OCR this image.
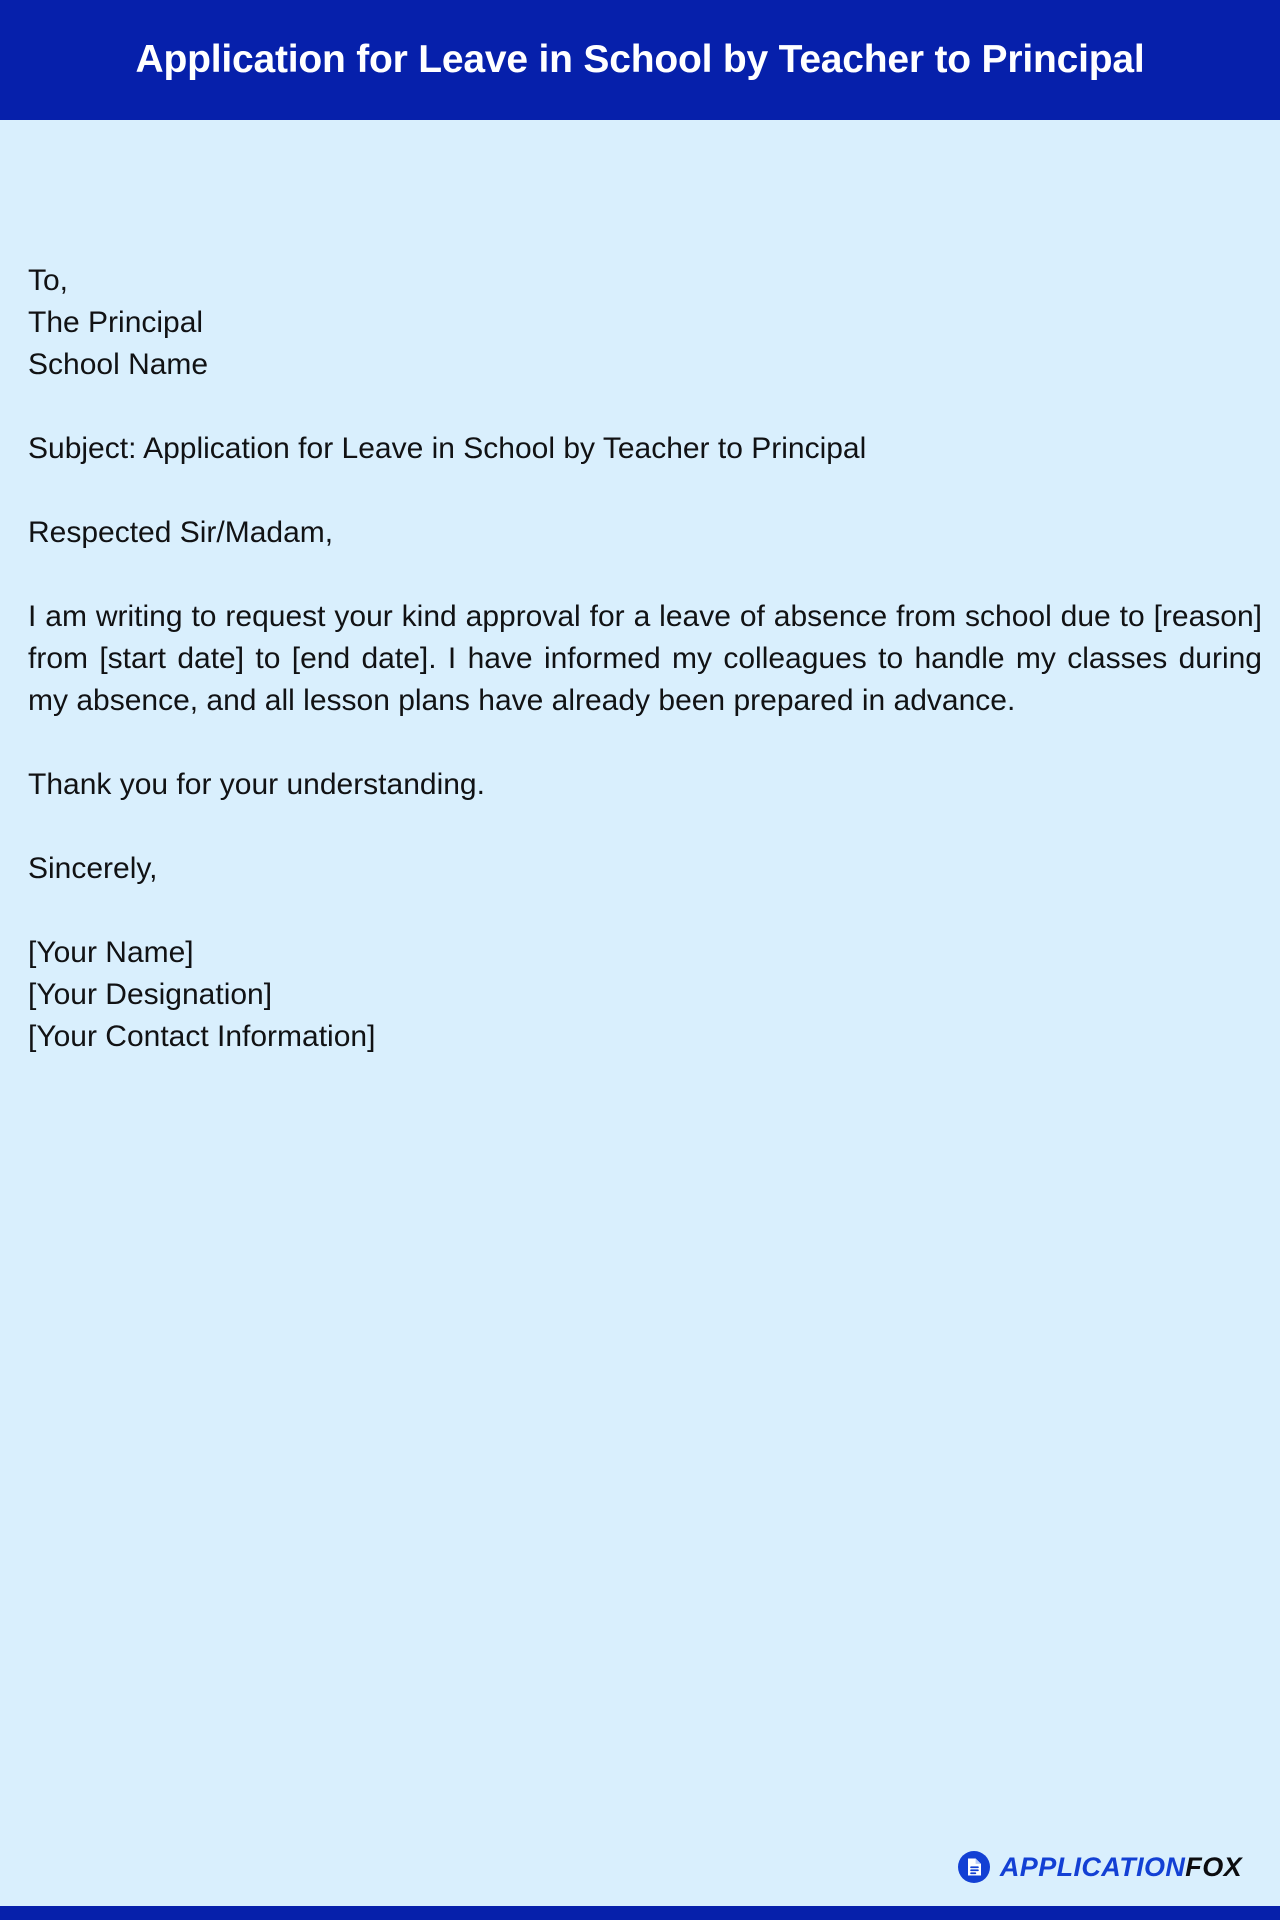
Application for Leave in School by Teacher to Principal
To,
The Principal
School Name
Subject: Application for Leave in School by Teacher to Principal
Respected Sir/Madam,

I am writing to request your kind approval for a leave of absence from school due to [reason] from [start date] to [end date]. I have informed my colleagues to handle my classes during my absence, and all lesson plans have already been prepared in advance.

Thank you for your understanding.
Sincerely,
[Your Name]
[Your Designation]
[Your Contact Information]
APPLICATIONFOX
